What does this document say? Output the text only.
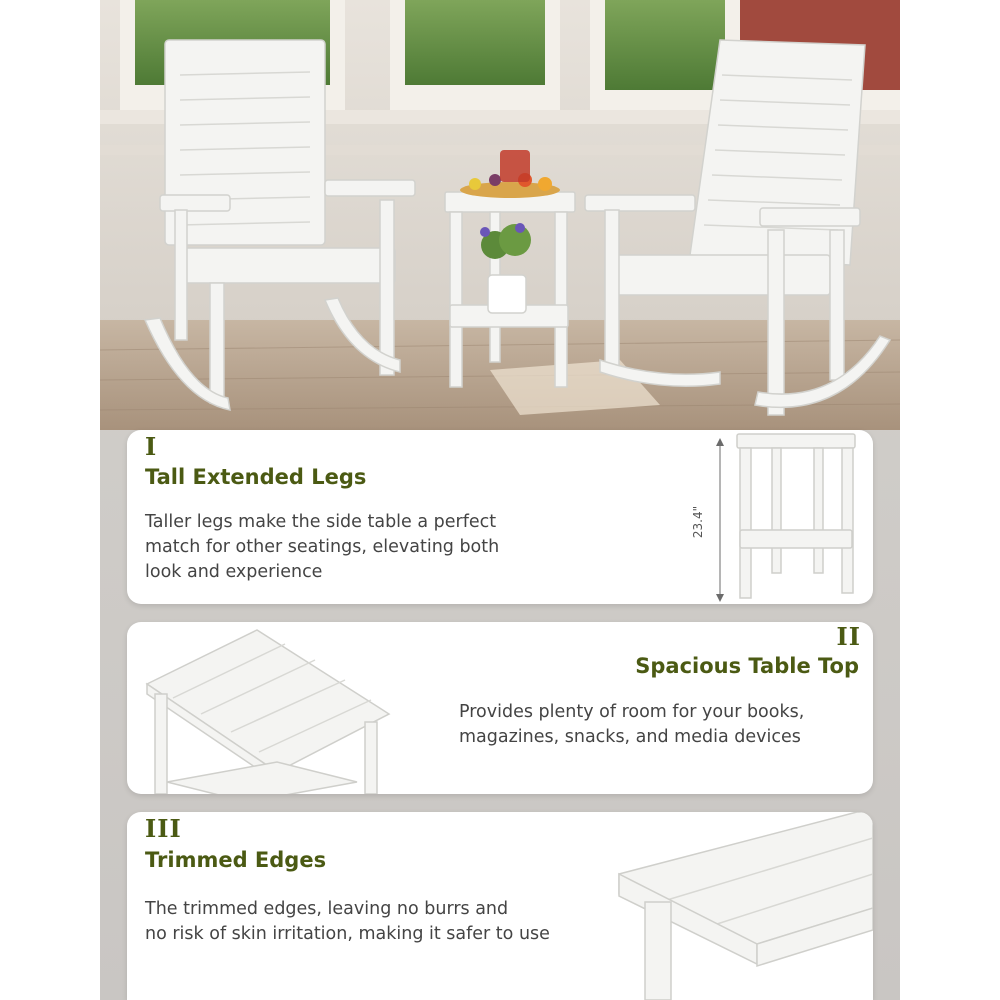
I
Tall Extended Legs
Taller legs make the side table a perfect
match for other seatings, elevating both
look and experience
23.4"
II
Spacious Table Top
Provides plenty of room for your books,
magazines, snacks, and media devices
III
Trimmed Edges
The trimmed edges, leaving no burrs and
no risk of skin irritation, making it safer to use
